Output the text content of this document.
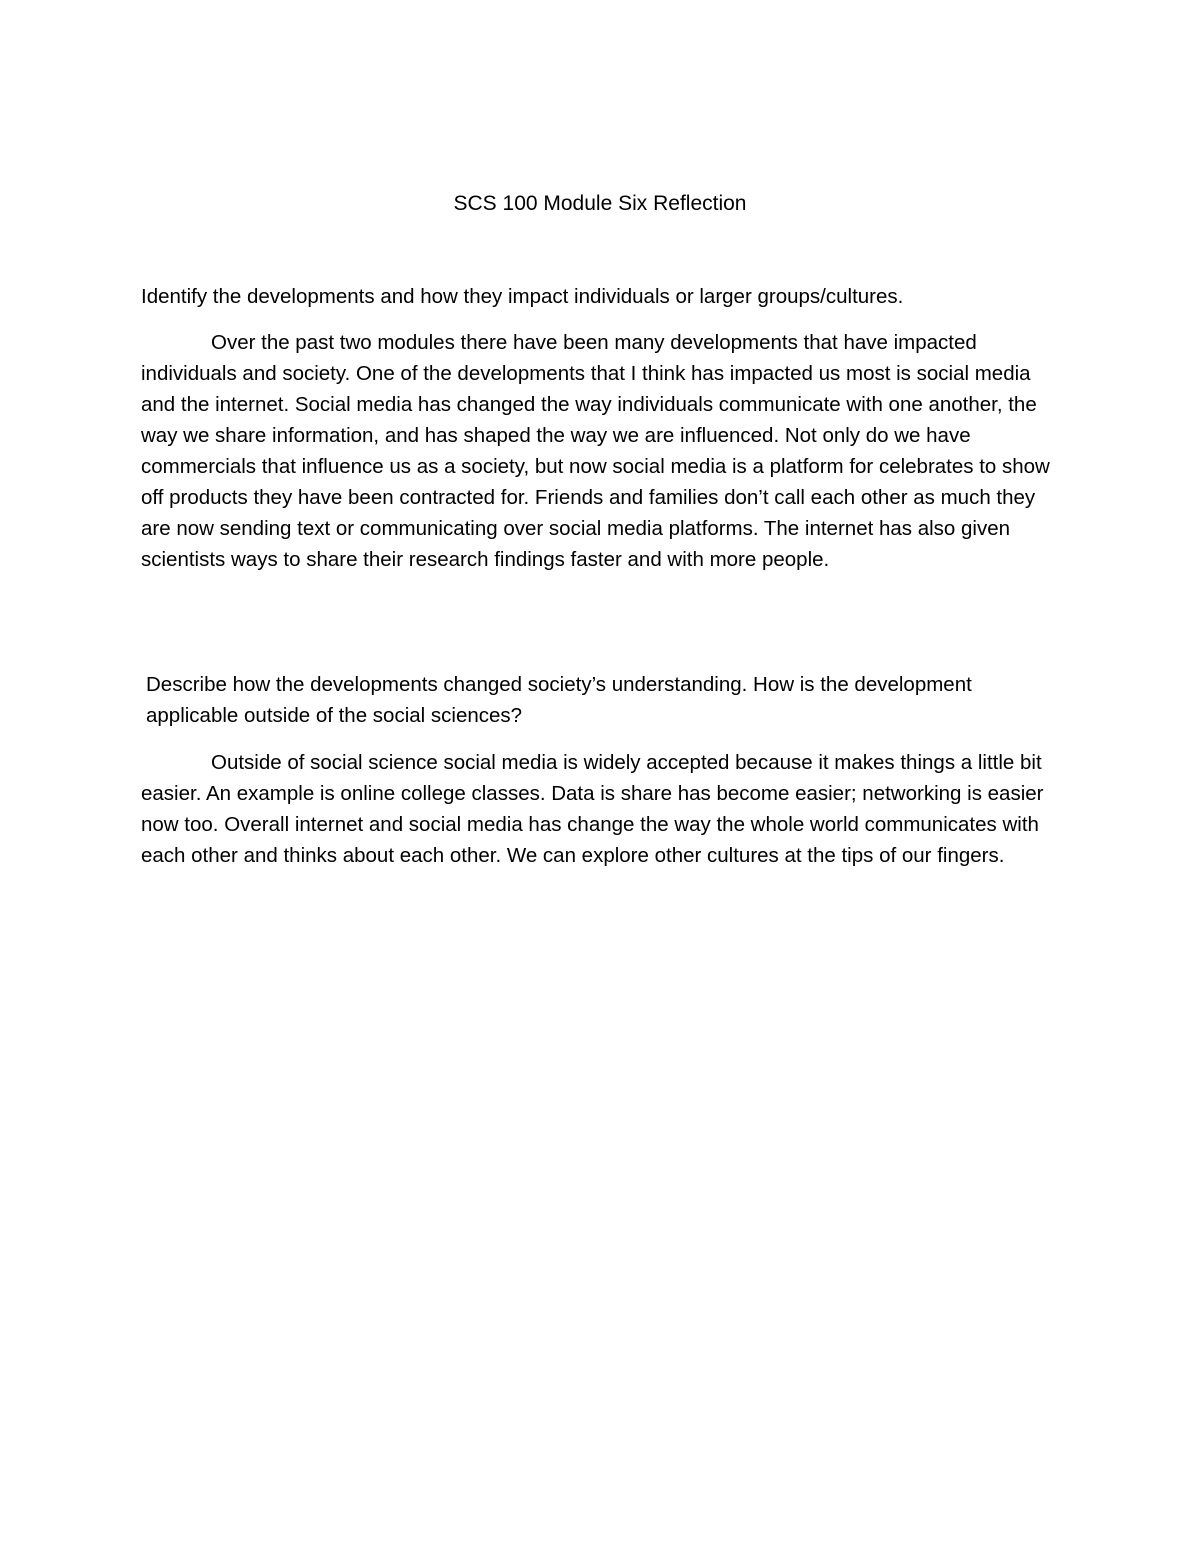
SCS 100 Module Six Reflection

Identify the developments and how they impact individuals or larger groups/cultures.

Over the past two modules there have been many developments that have impacted individuals and society. One of the developments that I think has impacted us most is social media and the internet. Social media has changed the way individuals communicate with one another, the way we share information, and has shaped the way we are influenced. Not only do we have commercials that influence us as a society, but now social media is a platform for celebrates to show off products they have been contracted for. Friends and families don’t call each other as much they are now sending text or communicating over social media platforms. The internet has also given scientists ways to share their research findings faster and with more people.

Describe how the developments changed society’s understanding. How is the development applicable outside of the social sciences?

Outside of social science social media is widely accepted because it makes things a little bit easier. An example is online college classes. Data is share has become easier; networking is easier now too. Overall internet and social media has change the way the whole world communicates with each other and thinks about each other. We can explore other cultures at the tips of our fingers.
